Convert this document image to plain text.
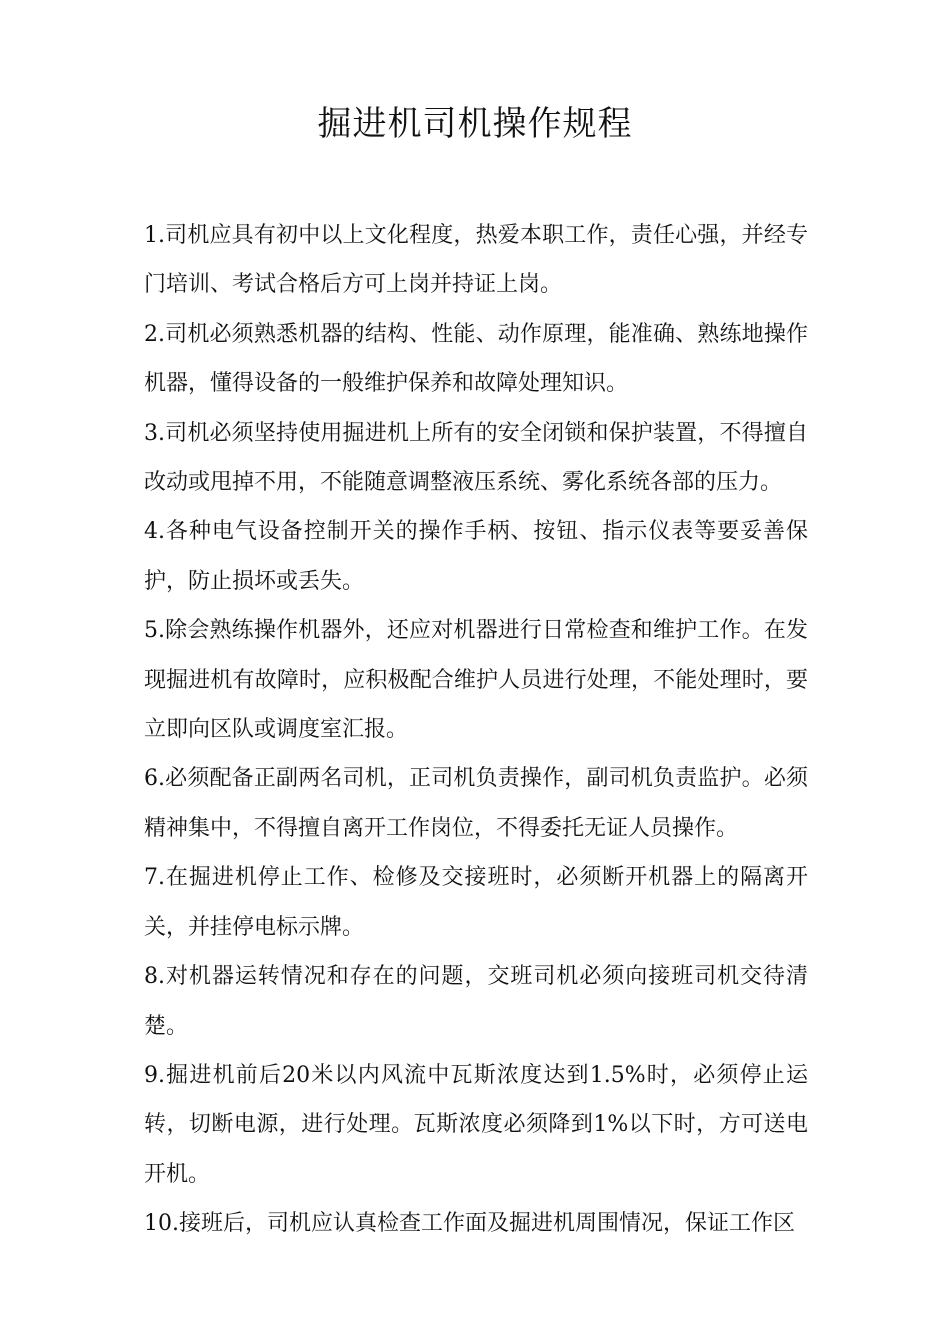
掘进机司机操作规程

1.司机应具有初中以上文化程度，热爱本职工作，责任心强，并经专门培训、考试合格后方可上岗并持证上岗。

2.司机必须熟悉机器的结构、性能、动作原理，能准确、熟练地操作机器，懂得设备的一般维护保养和故障处理知识。

3.司机必须坚持使用掘进机上所有的安全闭锁和保护装置，不得擅自改动或甩掉不用，不能随意调整液压系统、雾化系统各部的压力。

4.各种电气设备控制开关的操作手柄、按钮、指示仪表等要妥善保护，防止损坏或丢失。

5.除会熟练操作机器外，还应对机器进行日常检查和维护工作。在发现掘进机有故障时，应积极配合维护人员进行处理，不能处理时，要立即向区队或调度室汇报。

6.必须配备正副两名司机，正司机负责操作，副司机负责监护。必须精神集中，不得擅自离开工作岗位，不得委托无证人员操作。

7.在掘进机停止工作、检修及交接班时，必须断开机器上的隔离开关，并挂停电标示牌。

8.对机器运转情况和存在的问题，交班司机必须向接班司机交待清楚。

9.掘进机前后20米以内风流中瓦斯浓度达到1.5%时，必须停止运转，切断电源，进行处理。瓦斯浓度必须降到1%以下时，方可送电开机。

10.接班后，司机应认真检查工作面及掘进机周围情况，保证工作区
